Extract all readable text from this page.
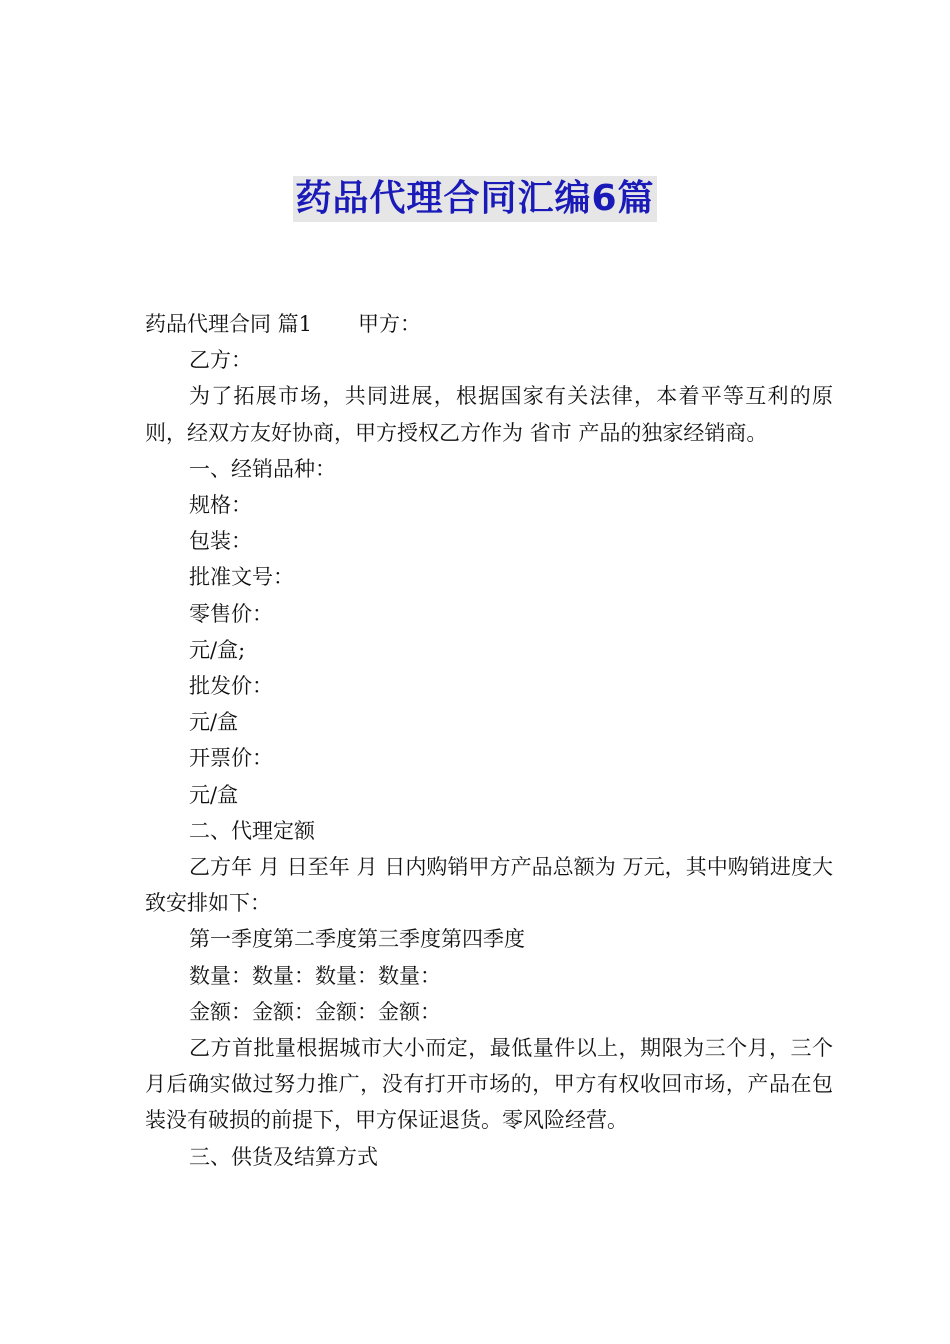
药品代理合同汇编6篇

药品代理合同 篇1 甲方：

乙方：

为了拓展市场，共同进展，根据国家有关法律，本着平等互利的原则，经双方友好协商，甲方授权乙方作为 省市 产品的独家经销商。

一、经销品种：

规格：

包装：

批准文号：

零售价：

元/盒;

批发价：

元/盒

开票价：

元/盒

二、代理定额

乙方年 月 日至年 月 日内购销甲方产品总额为 万元，其中购销进度大致安排如下：

第一季度第二季度第三季度第四季度

数量：数量：数量：数量：

金额：金额：金额：金额：

乙方首批量根据城市大小而定，最低量件以上，期限为三个月，三个月后确实做过努力推广，没有打开市场的，甲方有权收回市场，产品在包装没有破损的前提下，甲方保证退货。零风险经营。

三、供货及结算方式
